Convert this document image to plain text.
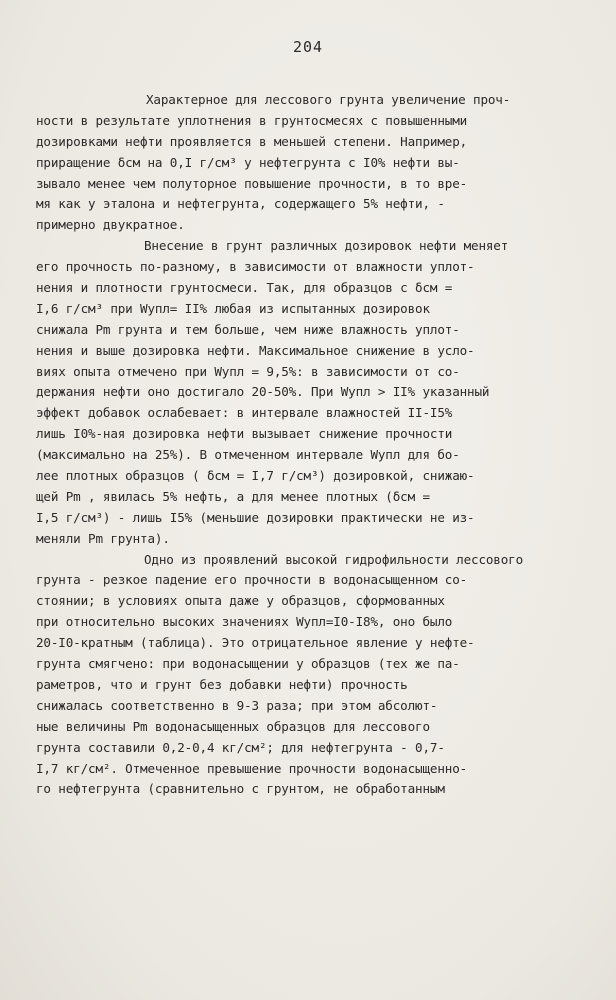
204
Характерное для лессового грунта увеличение проч-
ности в результате уплотнения в грунтосмесях с повышенными
дозировками нефти проявляется в меньшей степени. Например,
приращение δсм на 0,I г/см³ у нефтегрунта с I0% нефти вы-
зывало менее чем полуторное повышение прочности, в то вре-
мя как у эталона и нефтегрунта, содержащего 5% нефти, -
примерно двукратное.
Внесение в грунт различных дозировок нефти меняет
его прочность по-разному, в зависимости от влажности уплот-
нения и плотности грунтосмеси. Так, для образцов с δсм =
I,6 г/см³ при Wупл= II% любая из испытанных дозировок
снижала Pm грунта и тем больше, чем ниже влажность уплот-
нения и выше дозировка нефти. Максимальное снижение в усло-
виях опыта отмечено при Wупл = 9,5%: в зависимости от со-
держания нефти оно достигало 20-50%. При Wупл > II% указанный
эффект добавок ослабевает: в интервале влажностей II-I5%
лишь I0%-ная дозировка нефти вызывает снижение прочности
(максимально на 25%). В отмеченном интервале Wупл для бо-
лее плотных образцов ( δсм = I,7 г/см³) дозировкой, снижаю-
щей Pm , явилась 5% нефть, а для менее плотных (δсм =
I,5 г/см³) - лишь I5% (меньшие дозировки практически не из-
меняли Pm грунта).
Одно из проявлений высокой гидрофильности лессового
грунта - резкое падение его прочности в водонасыщенном со-
стоянии; в условиях опыта даже у образцов, сформованных
при относительно высоких значениях Wупл=I0-I8%, оно было
20-I0-кратным (таблица). Это отрицательное явление у нефте-
грунта смягчено: при водонасыщении у образцов (тех же па-
раметров, что и грунт без добавки нефти) прочность
снижалась соответственно в 9-3 раза; при этом абсолют-
ные величины Pm водонасыщенных образцов для лессового
грунта составили 0,2-0,4 кг/см²; для нефтегрунта - 0,7-
I,7 кг/см². Отмеченное превышение прочности водонасыщенно-
го нефтегрунта (сравнительно с грунтом, не обработанным
